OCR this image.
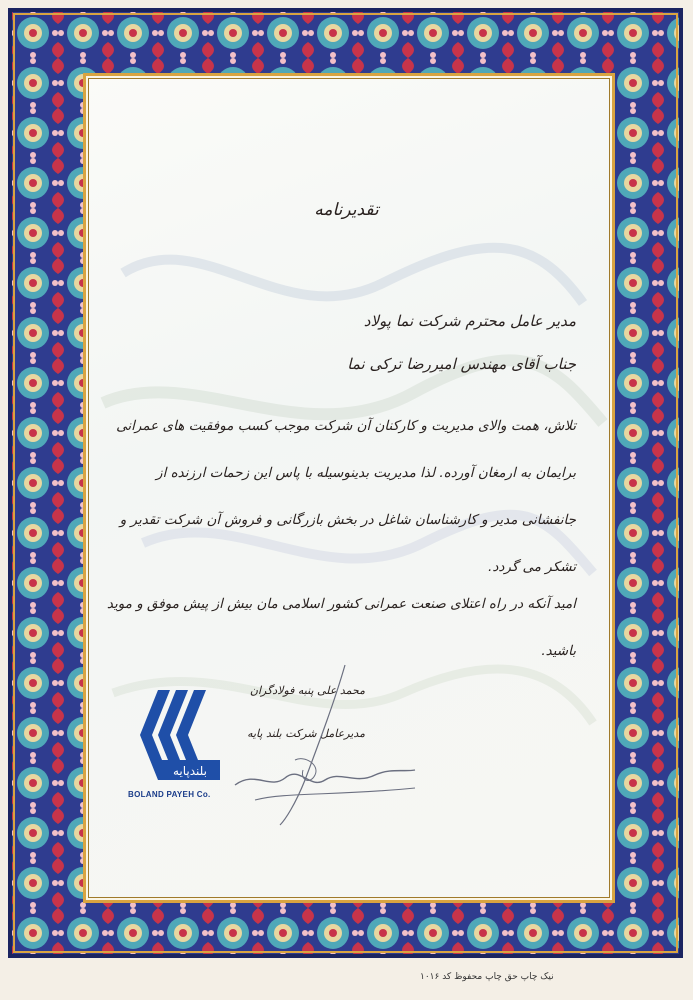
تقدیرنامه
مدیر عامل محترم شرکت نما پولاد
جناب آقای مهندس امیررضا ترکی نما
تلاش، همت والای مدیریت و کارکنان آن شرکت موجب کسب موفقیت های عمرانی برایمان به ارمغان آورده. لذا مدیریت بدینوسیله با پاس این زحمات ارزنده از جانفشانی مدیر و کارشناسان شاغل در بخش بازرگانی و فروش آن شرکت تقدیر و تشکر می گردد.
امید آنکه در راه اعتلای صنعت عمرانی کشور اسلامی مان بیش از پیش موفق و موید باشید.
محمد علی پنبه فولادگران
مدیرعامل شرکت بلند پایه
بلندپایه
BOLAND PAYEH Co.
نیک چاپ حق چاپ محفوظ کد ۱۰۱۶
